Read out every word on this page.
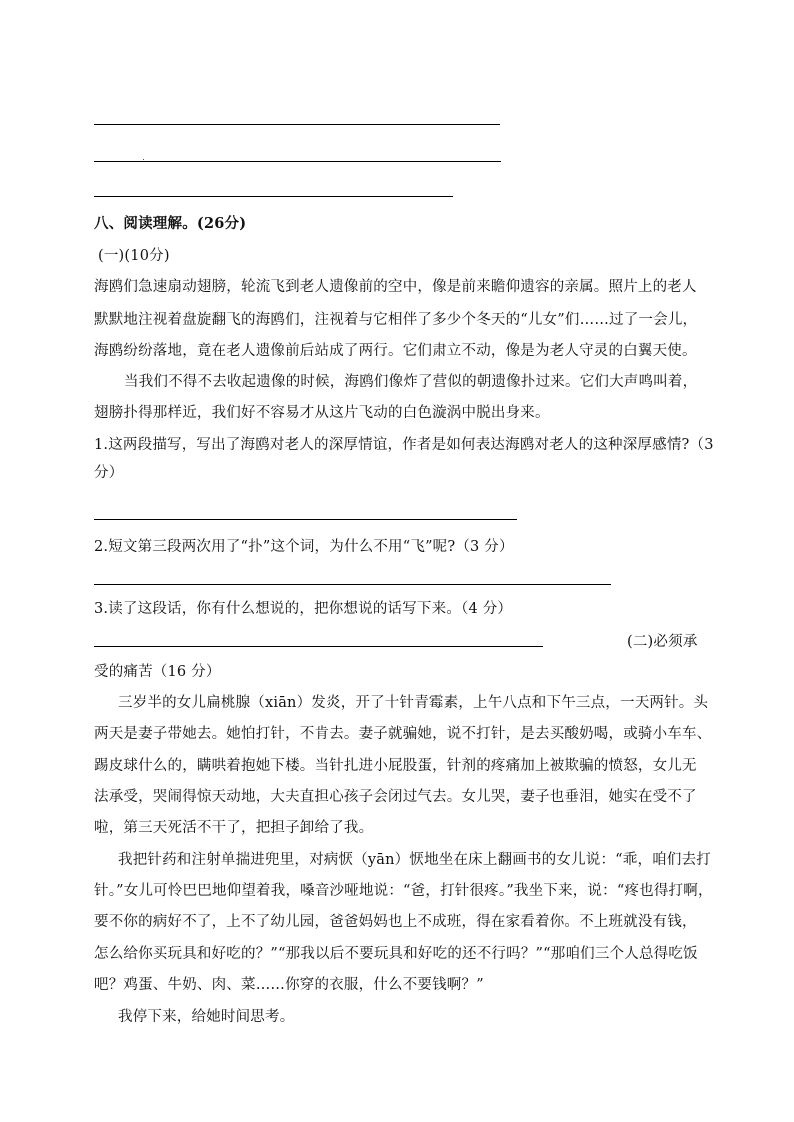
八、阅读理解。(26分)
(一)(10分)
海鸥们急速扇动翅膀，轮流飞到老人遗像前的空中，像是前来瞻仰遗容的亲属。照片上的老人
默默地注视着盘旋翻飞的海鸥们，注视着与它相伴了多少个冬天的“儿女”们……过了一会儿，
海鸥纷纷落地，竟在老人遗像前后站成了两行。它们肃立不动，像是为老人守灵的白翼天使。
当我们不得不去收起遗像的时候，海鸥们像炸了营似的朝遗像扑过来。它们大声鸣叫着，
翅膀扑得那样近，我们好不容易才从这片飞动的白色漩涡中脱出身来。
1.这两段描写，写出了海鸥对老人的深厚情谊，作者是如何表达海鸥对老人的这种深厚感情?（3
分）
2.短文第三段两次用了“扑”这个词，为什么不用“飞”呢?（3 分）
3.读了这段话，你有什么想说的，把你想说的话写下来。（4 分）
(二)必须承
受的痛苦（16 分）
三岁半的女儿扁桃腺（xiān）发炎，开了十针青霉素，上午八点和下午三点，一天两针。头
两天是妻子带她去。她怕打针，不肯去。妻子就骗她，说不打针，是去买酸奶喝，或骑小车车、
踢皮球什么的，瞒哄着抱她下楼。当针扎进小屁股蛋，针剂的疼痛加上被欺骗的愤怒，女儿无
法承受，哭闹得惊天动地，大夫直担心孩子会闭过气去。女儿哭，妻子也垂泪，她实在受不了
啦，第三天死活不干了，把担子卸给了我。
我把针药和注射单揣进兜里，对病恹（yān）恹地坐在床上翻画书的女儿说：“乖，咱们去打
针。”女儿可怜巴巴地仰望着我，嗓音沙哑地说：“爸，打针很疼。”我坐下来，说：“疼也得打啊，
要不你的病好不了，上不了幼儿园，爸爸妈妈也上不成班，得在家看着你。不上班就没有钱，
怎么给你买玩具和好吃的？”“那我以后不要玩具和好吃的还不行吗？”“那咱们三个人总得吃饭
吧？鸡蛋、牛奶、肉、菜……你穿的衣服，什么不要钱啊？”
我停下来，给她时间思考。
